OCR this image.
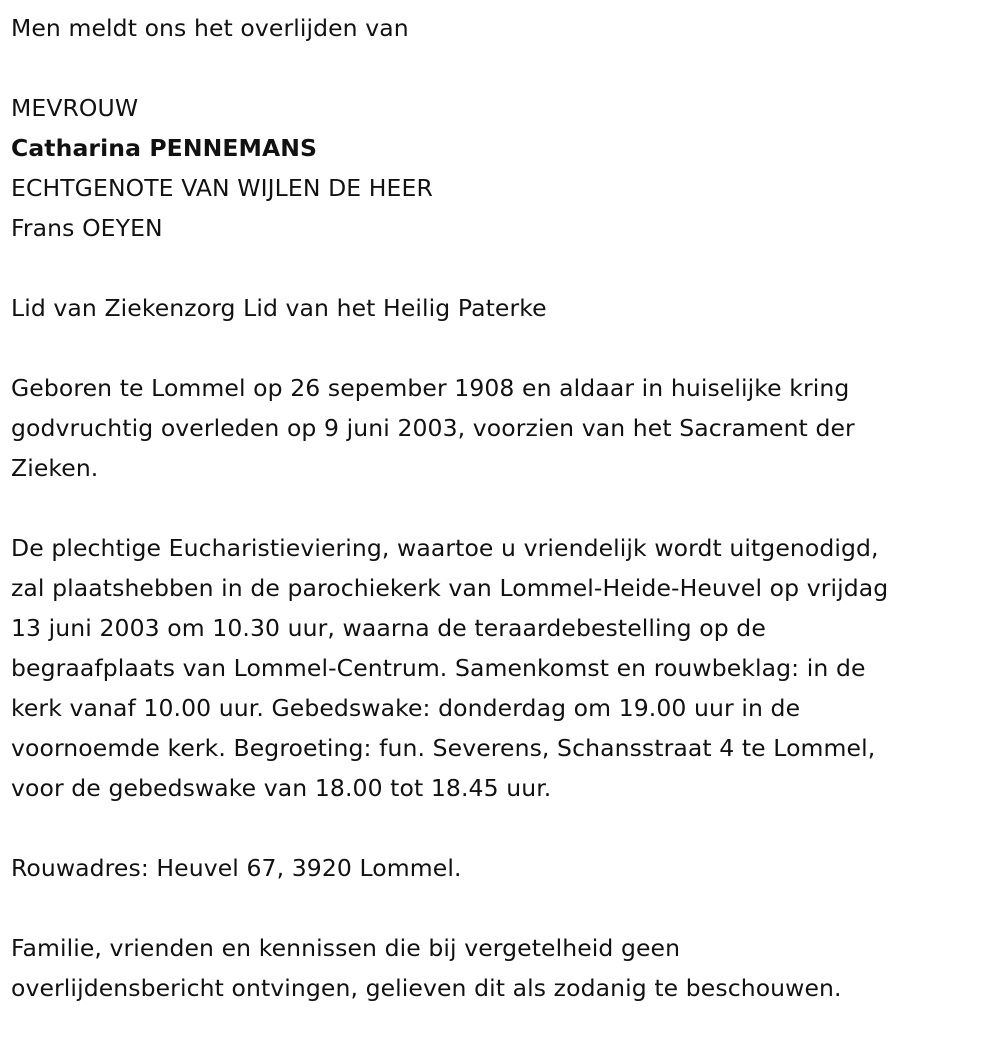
Men meldt ons het overlijden van
MEVROUW
Catharina PENNEMANS
ECHTGENOTE VAN WIJLEN DE HEER
Frans OEYEN
Lid van Ziekenzorg Lid van het Heilig Paterke
Geboren te Lommel op 26 sepember 1908 en aldaar in huiselijke kring
godvruchtig overleden op 9 juni 2003, voorzien van het Sacrament der
Zieken.
De plechtige Eucharistieviering, waartoe u vriendelijk wordt uitgenodigd,
zal plaatshebben in de parochiekerk van Lommel-Heide-Heuvel op vrijdag
13 juni 2003 om 10.30 uur, waarna de teraardebestelling op de
begraafplaats van Lommel-Centrum. Samenkomst en rouwbeklag: in de
kerk vanaf 10.00 uur. Gebedswake: donderdag om 19.00 uur in de
voornoemde kerk. Begroeting: fun. Severens, Schansstraat 4 te Lommel,
voor de gebedswake van 18.00 tot 18.45 uur.
Rouwadres: Heuvel 67, 3920 Lommel.
Familie, vrienden en kennissen die bij vergetelheid geen
overlijdensbericht ontvingen, gelieven dit als zodanig te beschouwen.
